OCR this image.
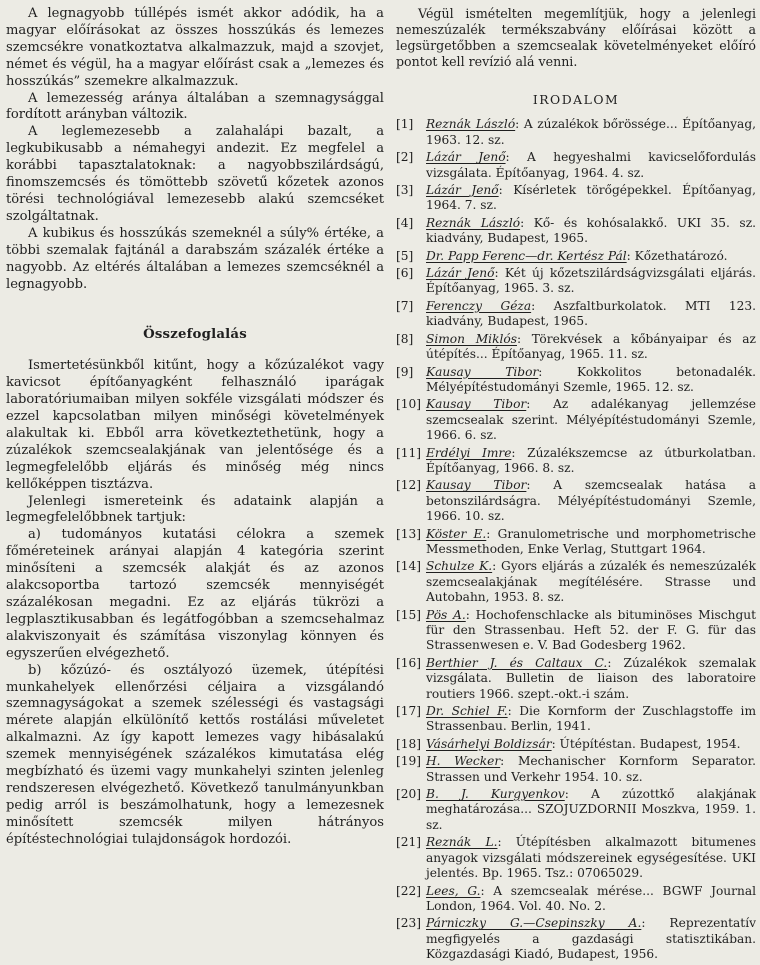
A legnagyobb túllépés ismét akkor adódik, ha a magyar előírásokat az összes hosszúkás és lemezes szemcsékre vonatkoztatva alkalmazzuk, majd a szovjet, német és végül, ha a magyar előírást csak a „lemezes és hosszúkás” szemekre alkalmazzuk.

A lemezesség aránya általában a szemnagysággal fordított arányban változik.

A leglemezesebb a zalahalápi bazalt, a legkubikusabb a némahegyi andezit. Ez megfelel a korábbi tapasztalatoknak: a nagyobbszilárdságú, finomszemcsés és tömöttebb szövetű kőzetek azonos törési technológiával lemezesebb alakú szemcséket szolgáltatnak.

A kubikus és hosszúkás szemeknél a súly% értéke, a többi szemalak fajtánál a darabszám százalék értéke a nagyobb. Az eltérés általában a lemezes szemcséknél a legnagyobb.

Összefoglalás

Ismertetésünkből kitűnt, hogy a kőzúzalékot vagy kavicsot építőanyagként felhasználó iparágak laboratóriumaiban milyen sokféle vizsgálati módszer és ezzel kapcsolatban milyen minőségi követelmények alakultak ki. Ebből arra következtethetünk, hogy a zúzalékok szemcsealakjának van jelentősége és a legmegfelelőbb eljárás és minőség még nincs kellőképpen tisztázva.

Jelenlegi ismereteink és adataink alapján a legmegfelelőbbnek tartjuk:

a) tudományos kutatási célokra a szemek főméreteinek arányai alapján 4 kategória szerint minősíteni a szemcsék alakját és az azonos alakcsoportba tartozó szemcsék mennyiségét százalékosan megadni. Ez az eljárás tükrözi a legplasztikusabban és legátfogóbban a szemcsehalmaz alakviszonyait és számítása viszonylag könnyen és egyszerűen elvégezhető.

b) kőzúzó- és osztályozó üzemek, útépítési munkahelyek ellenőrzési céljaira a vizsgálandó szemnagyságokat a szemek szélességi és vastagsági mérete alapján elkülönítő kettős rostálási műveletet alkalmazni. Az így kapott lemezes vagy hibásalakú szemek mennyiségének százalékos kimutatása elég megbízható és üzemi vagy munkahelyi szinten jelenleg rendszeresen elvégezhető. Következő tanulmányunkban pedig arról is beszámolhatunk, hogy a lemezesnek minősített szemcsék milyen hátrányos építéstechnológiai tulajdonságok hordozói.

Végül ismételten megemlítjük, hogy a jelenlegi nemeszúzalék termékszabvány előírásai között a legsürgetőbben a szemcsealak követelményeket előíró pontot kell revízió alá venni.

IRODALOM
[1]	Reznák László: A zúzalékok bőrössége... Építőanyag, 1963. 12. sz.
[2]	Lázár Jenő: A hegyeshalmi kavicselőfordulás vizsgálata. Építőanyag, 1964. 4. sz.
[3]	Lázár Jenő: Kísérletek törőgépekkel. Építőanyag, 1964. 7. sz.
[4]	Reznák László: Kő- és kohósalakkő. UKI 35. sz. kiadvány, Budapest, 1965.
[5]	Dr. Papp Ferenc—dr. Kertész Pál: Kőzethatározó.
[6]	Lázár Jenő: Két új kőzetszilárdságvizsgálati eljárás. Építőanyag, 1965. 3. sz.
[7]	Ferenczy Géza: Aszfaltburkolatok. MTI 123. kiadvány, Budapest, 1965.
[8]	Simon Miklós: Törekvések a kőbányaipar és az útépítés... Építőanyag, 1965. 11. sz.
[9]	Kausay Tibor: Kokkolitos betonadalék. Mélyépítéstudományi Szemle, 1965. 12. sz.
[10] Kausay Tibor: Az adalékanyag jellemzése szemcsealak szerint. Mélyépítéstudományi Szemle, 1966. 6. sz.
[11] Erdélyi Imre: Zúzalékszemcse az útburkolatban. Építőanyag, 1966. 8. sz.
[12] Kausay Tibor: A szemcsealak hatása a betonszilárdságra. Mélyépítéstudományi Szemle, 1966. 10. sz.
[13] Köster E.: Granulometrische und morphometrische Messmethoden, Enke Verlag, Stuttgart 1964.
[14] Schulze K.: Gyors eljárás a zúzalék és nemeszúzalék szemcsealakjának megítélésére. Strasse und Autobahn, 1953. 8. sz.
[15] Pös A.: Hochofenschlacke als bituminöses Mischgut für den Strassenbau. Heft 52. der F. G. für das Strassenwesen e. V. Bad Godesberg 1962.
[16] Berthier J. és Caltaux C.: Zúzalékok szemalak vizsgálata. Bulletin de liaison des laboratoire routiers 1966. szept.-okt.-i szám.
[17] Dr. Schiel F.: Die Kornform der Zuschlagstoffe im Strassenbau. Berlin, 1941.
[18] Vásárhelyi Boldizsár: Útépítéstan. Budapest, 1954.
[19] H. Wecker: Mechanischer Kornform Separator. Strassen und Verkehr 1954. 10. sz.
[20] B. J. Kurgyenkov: A zúzottkő alakjának meghatározása... SZOJUZDORNII Moszkva, 1959. 1. sz.
[21] Reznák L.: Útépítésben alkalmazott bitumenes anyagok vizsgálati módszereinek egységesítése. UKI jelentés. Bp. 1965. Tsz.: 07065029.
[22] Lees, G.: A szemcsealak mérése... BGWF Journal London, 1964. Vol. 40. No. 2.
[23] Párniczky G.—Csepinszky A.: Reprezentatív megfigyelés a gazdasági statisztikában. Közgazdasági Kiadó, Budapest, 1956.
